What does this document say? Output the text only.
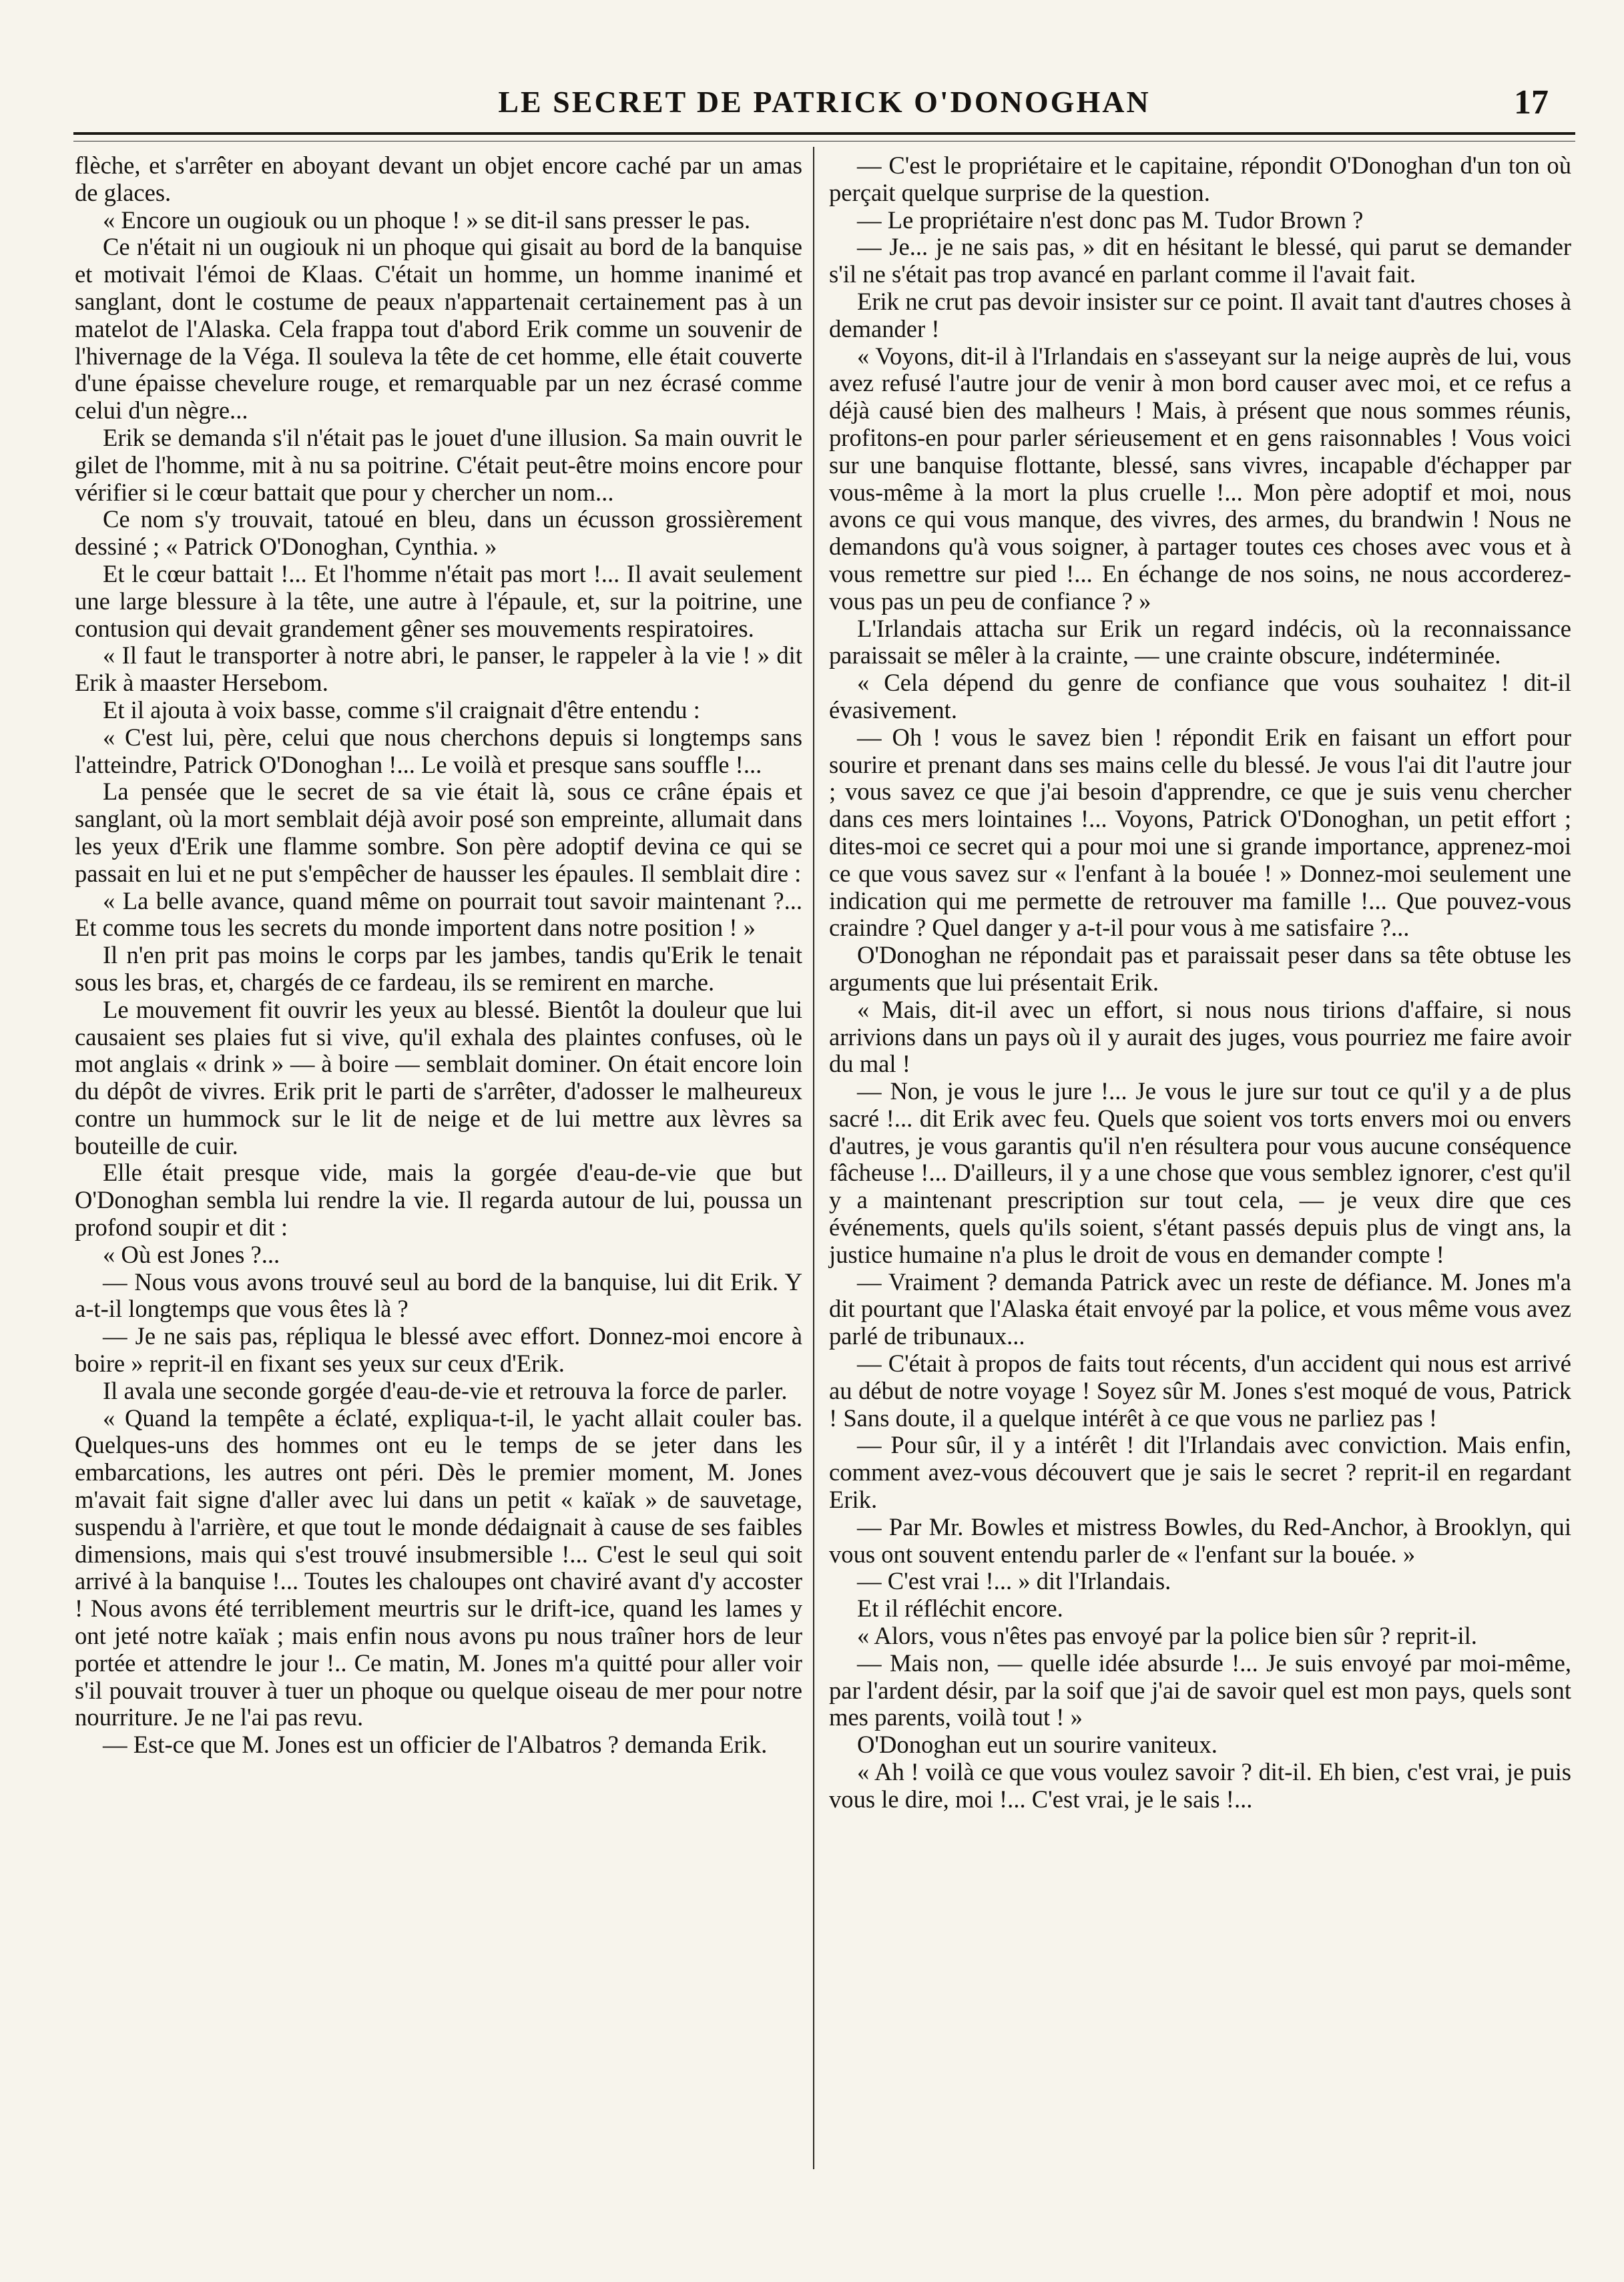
LE SECRET DE PATRICK O'DONOGHAN	17

flèche, et s'arrêter en aboyant devant un objet encore caché par un amas de glaces.

« Encore un ougiouk ou un phoque ! » se dit-il sans presser le pas.

Ce n'était ni un ougiouk ni un phoque qui gisait au bord de la banquise et motivait l'émoi de Klaas. C'était un homme, un homme inanimé et sanglant, dont le costume de peaux n'appartenait certainement pas à un matelot de l'Alaska. Cela frappa tout d'abord Erik comme un souvenir de l'hivernage de la Véga. Il souleva la tête de cet homme, elle était couverte d'une épaisse chevelure rouge, et remarquable par un nez écrasé comme celui d'un nègre...

Erik se demanda s'il n'était pas le jouet d'une illusion. Sa main ouvrit le gilet de l'homme, mit à nu sa poitrine. C'était peut-être moins encore pour vérifier si le cœur battait que pour y chercher un nom...

Ce nom s'y trouvait, tatoué en bleu, dans un écusson grossièrement dessiné ; « Patrick O'Donoghan, Cynthia. »

Et le cœur battait !... Et l'homme n'était pas mort !... Il avait seulement une large blessure à la tête, une autre à l'épaule, et, sur la poitrine, une contusion qui devait grandement gêner ses mouvements respiratoires.

« Il faut le transporter à notre abri, le panser, le rappeler à la vie ! » dit Erik à maaster Hersebom.

Et il ajouta à voix basse, comme s'il craignait d'être entendu :

« C'est lui, père, celui que nous cherchons depuis si longtemps sans l'atteindre, Patrick O'Donoghan !... Le voilà et presque sans souffle !...

La pensée que le secret de sa vie était là, sous ce crâne épais et sanglant, où la mort semblait déjà avoir posé son empreinte, allumait dans les yeux d'Erik une flamme sombre. Son père adoptif devina ce qui se passait en lui et ne put s'empêcher de hausser les épaules. Il semblait dire :

« La belle avance, quand même on pourrait tout savoir maintenant ?... Et comme tous les secrets du monde importent dans notre position ! »

Il n'en prit pas moins le corps par les jambes, tandis qu'Erik le tenait sous les bras, et, chargés de ce fardeau, ils se remirent en marche.

Le mouvement fit ouvrir les yeux au blessé. Bientôt la douleur que lui causaient ses plaies fut si vive, qu'il exhala des plaintes confuses, où le mot anglais « drink » — à boire — semblait dominer. On était encore loin du dépôt de vivres. Erik prit le parti de s'arrêter, d'adosser le malheureux contre un hummock sur le lit de neige et de lui mettre aux lèvres sa bouteille de cuir.

Elle était presque vide, mais la gorgée d'eau-de-vie que but O'Donoghan sembla lui rendre la vie. Il regarda autour de lui, poussa un profond soupir et dit :

« Où est Jones ?...

— Nous vous avons trouvé seul au bord de la banquise, lui dit Erik. Y a-t-il longtemps que vous êtes là ?

— Je ne sais pas, répliqua le blessé avec effort. Donnez-moi encore à boire » reprit-il en fixant ses yeux sur ceux d'Erik.

Il avala une seconde gorgée d'eau-de-vie et retrouva la force de parler.

« Quand la tempête a éclaté, expliqua-t-il, le yacht allait couler bas. Quelques-uns des hommes ont eu le temps de se jeter dans les embarcations, les autres ont péri. Dès le premier moment, M. Jones m'avait fait signe d'aller avec lui dans un petit « kaïak » de sauvetage, suspendu à l'arrière, et que tout le monde dédaignait à cause de ses faibles dimensions, mais qui s'est trouvé insubmersible !... C'est le seul qui soit arrivé à la banquise !... Toutes les chaloupes ont chaviré avant d'y accoster ! Nous avons été terriblement meurtris sur le drift-ice, quand les lames y ont jeté notre kaïak ; mais enfin nous avons pu nous traîner hors de leur portée et attendre le jour !.. Ce matin, M. Jones m'a quitté pour aller voir s'il pouvait trouver à tuer un phoque ou quelque oiseau de mer pour notre nourriture. Je ne l'ai pas revu.

— Est-ce que M. Jones est un officier de l'Albatros ? demanda Erik.

— C'est le propriétaire et le capitaine, répondit O'Donoghan d'un ton où perçait quelque surprise de la question.

— Le propriétaire n'est donc pas M. Tudor Brown ?

— Je... je ne sais pas, » dit en hésitant le blessé, qui parut se demander s'il ne s'était pas trop avancé en parlant comme il l'avait fait.

Erik ne crut pas devoir insister sur ce point. Il avait tant d'autres choses à demander !

« Voyons, dit-il à l'Irlandais en s'asseyant sur la neige auprès de lui, vous avez refusé l'autre jour de venir à mon bord causer avec moi, et ce refus a déjà causé bien des malheurs ! Mais, à présent que nous sommes réunis, profitons-en pour parler sérieusement et en gens raisonnables ! Vous voici sur une banquise flottante, blessé, sans vivres, incapable d'échapper par vous-même à la mort la plus cruelle !... Mon père adoptif et moi, nous avons ce qui vous manque, des vivres, des armes, du brandwin ! Nous ne demandons qu'à vous soigner, à partager toutes ces choses avec vous et à vous remettre sur pied !... En échange de nos soins, ne nous accorderez-vous pas un peu de confiance ? »

L'Irlandais attacha sur Erik un regard indécis, où la reconnaissance paraissait se mêler à la crainte, — une crainte obscure, indéterminée.

« Cela dépend du genre de confiance que vous souhaitez ! dit-il évasivement.

— Oh ! vous le savez bien ! répondit Erik en faisant un effort pour sourire et prenant dans ses mains celle du blessé. Je vous l'ai dit l'autre jour ; vous savez ce que j'ai besoin d'apprendre, ce que je suis venu chercher dans ces mers lointaines !... Voyons, Patrick O'Donoghan, un petit effort ; dites-moi ce secret qui a pour moi une si grande importance, apprenez-moi ce que vous savez sur « l'enfant à la bouée ! » Donnez-moi seulement une indication qui me permette de retrouver ma famille !... Que pouvez-vous craindre ? Quel danger y a-t-il pour vous à me satisfaire ?...

O'Donoghan ne répondait pas et paraissait peser dans sa tête obtuse les arguments que lui présentait Erik.

« Mais, dit-il avec un effort, si nous nous tirions d'affaire, si nous arrivions dans un pays où il y aurait des juges, vous pourriez me faire avoir du mal !

— Non, je vous le jure !... Je vous le jure sur tout ce qu'il y a de plus sacré !... dit Erik avec feu. Quels que soient vos torts envers moi ou envers d'autres, je vous garantis qu'il n'en résultera pour vous aucune conséquence fâcheuse !... D'ailleurs, il y a une chose que vous semblez ignorer, c'est qu'il y a maintenant prescription sur tout cela, — je veux dire que ces événements, quels qu'ils soient, s'étant passés depuis plus de vingt ans, la justice humaine n'a plus le droit de vous en demander compte !

— Vraiment ? demanda Patrick avec un reste de défiance. M. Jones m'a dit pourtant que l'Alaska était envoyé par la police, et vous même vous avez parlé de tribunaux...

— C'était à propos de faits tout récents, d'un accident qui nous est arrivé au début de notre voyage ! Soyez sûr M. Jones s'est moqué de vous, Patrick ! Sans doute, il a quelque intérêt à ce que vous ne parliez pas !

— Pour sûr, il y a intérêt ! dit l'Irlandais avec conviction. Mais enfin, comment avez-vous découvert que je sais le secret ? reprit-il en regardant Erik.

— Par Mr. Bowles et mistress Bowles, du Red-Anchor, à Brooklyn, qui vous ont souvent entendu parler de « l'enfant sur la bouée. »

— C'est vrai !... » dit l'Irlandais.

Et il réfléchit encore.

« Alors, vous n'êtes pas envoyé par la police bien sûr ? reprit-il.

— Mais non, — quelle idée absurde !... Je suis envoyé par moi-même, par l'ardent désir, par la soif que j'ai de savoir quel est mon pays, quels sont mes parents, voilà tout ! »

O'Donoghan eut un sourire vaniteux.

« Ah ! voilà ce que vous voulez savoir ? dit-il. Eh bien, c'est vrai, je puis vous le dire, moi !... C'est vrai, je le sais !...
